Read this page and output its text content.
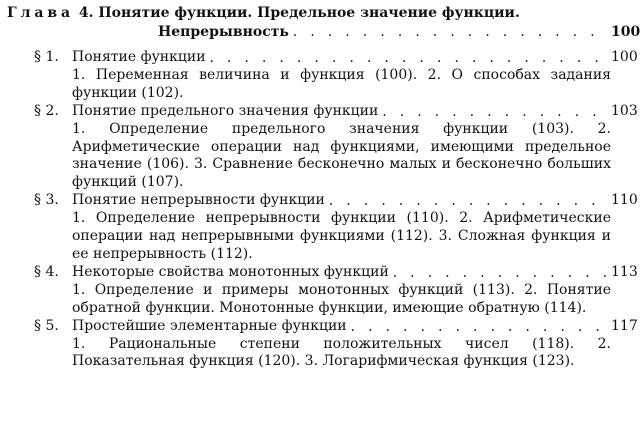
Глава 4. Понятие функции. Предельное значение функции.
Непрерывность . . .	100
§ 1. Понятие функции . . .	100
1. Переменная величина и функция (100). 2. О способах задания функции (102).
§ 2. Понятие предельного значения функции . . .	103
1. Определение предельного значения функции (103). 2. Арифметические операции над функциями, имеющими предельное значение (106). 3. Сравнение бесконечно малых и бесконечно больших функций (107).
§ 3. Понятие непрерывности функции . . .	110
1. Определение непрерывности функции (110). 2. Арифметические операции над непрерывными функциями (112). 3. Сложная функция и ее непрерывность (112).
§ 4. Некоторые свойства монотонных функций . . .	113
1. Определение и примеры монотонных функций (113). 2. Понятие обратной функции. Монотонные функции, имеющие обратную (114).
§ 5. Простейшие элементарные функции . . .	117
1. Рациональные степени положительных чисел (118). 2. Показательная функция (120). 3. Логарифмическая функция (123).
